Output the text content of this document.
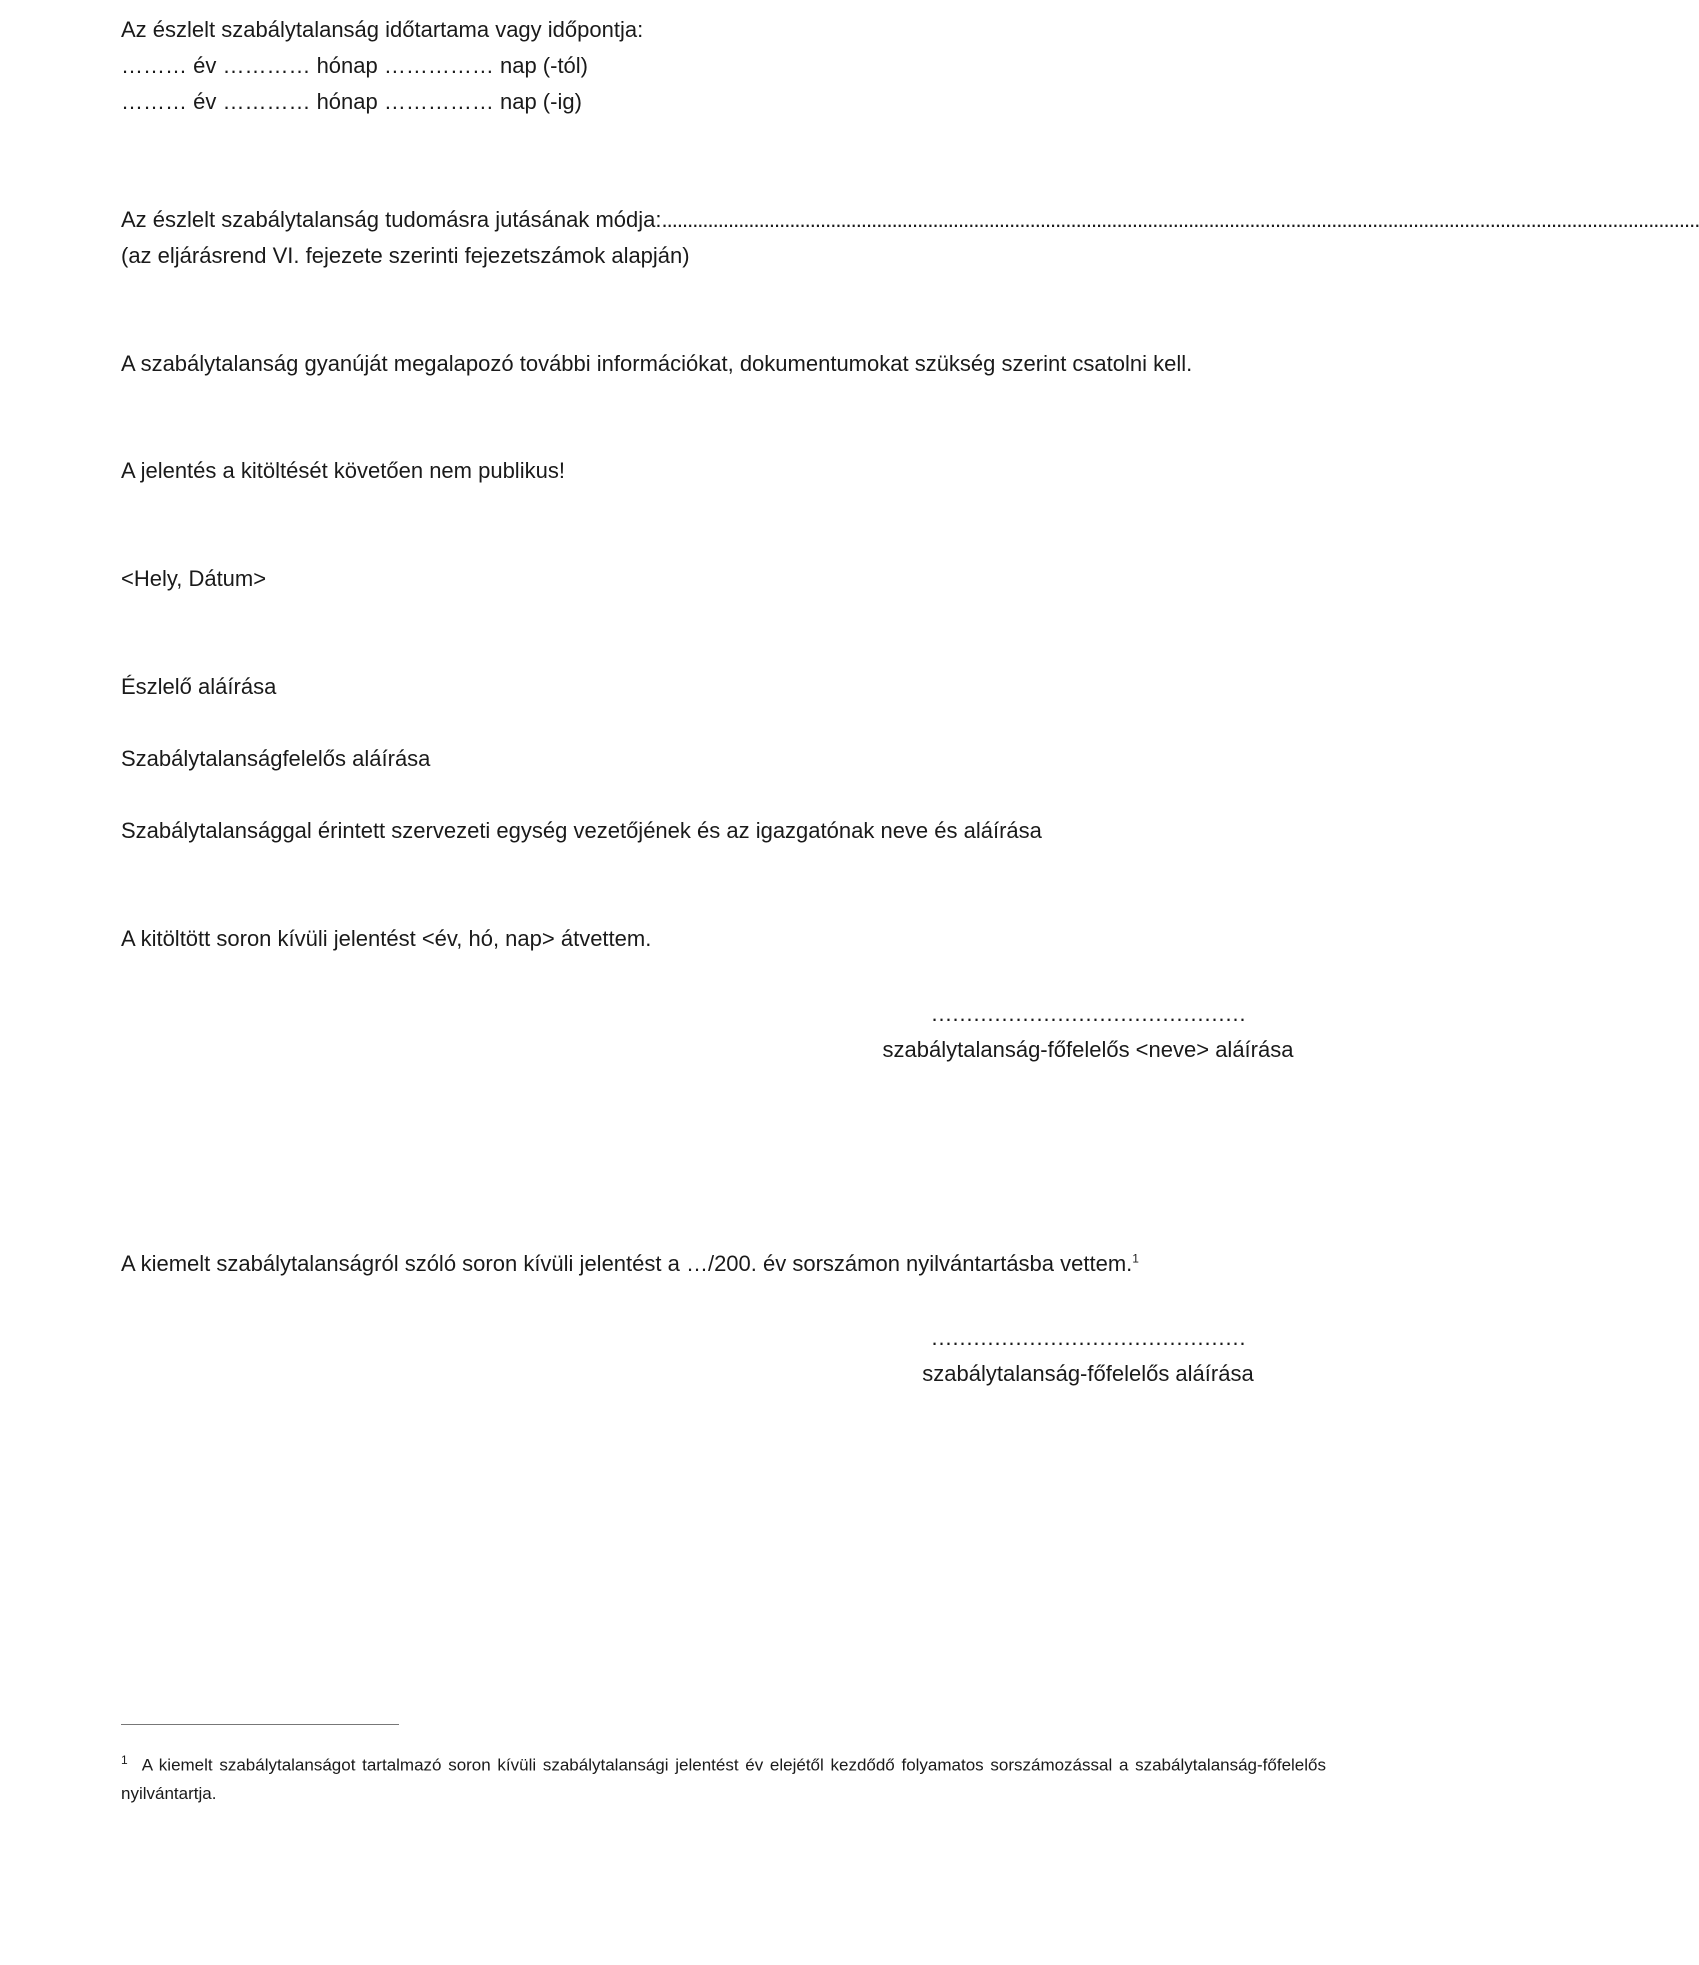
Az észlelt szabálytalanság időtartama vagy időpontja:
……… év ………… hónap …………… nap (-tól)
……… év ………… hónap …………… nap (-ig)
Az észlelt szabálytalanság tudomásra jutásának módja:...........................................................................................................................................................................................................
(az eljárásrend VI. fejezete szerinti fejezetszámok alapján)
A szabálytalanság gyanúját megalapozó további információkat, dokumentumokat szükség szerint csatolni kell.
A jelentés a kitöltését követően nem publikus!
<Hely, Dátum>
Észlelő aláírása
Szabálytalanságfelelős aláírása
Szabálytalansággal érintett szervezeti egység vezetőjének és az igazgatónak neve és aláírása
A kitöltött soron kívüli jelentést <év, hó, nap> átvettem.
………………………………………
szabálytalanság-főfelelős <neve> aláírása
A kiemelt szabálytalanságról szóló soron kívüli jelentést a …/200. év sorszámon nyilvántartásba vettem.$^1$
………………………………………
szabálytalanság-főfelelős aláírása
$^1$ A kiemelt szabálytalanságot tartalmazó soron kívüli szabálytalansági jelentést év elejétől kezdődő folyamatos sorszámozással a szabálytalanság-főfelelős nyilvántartja.
